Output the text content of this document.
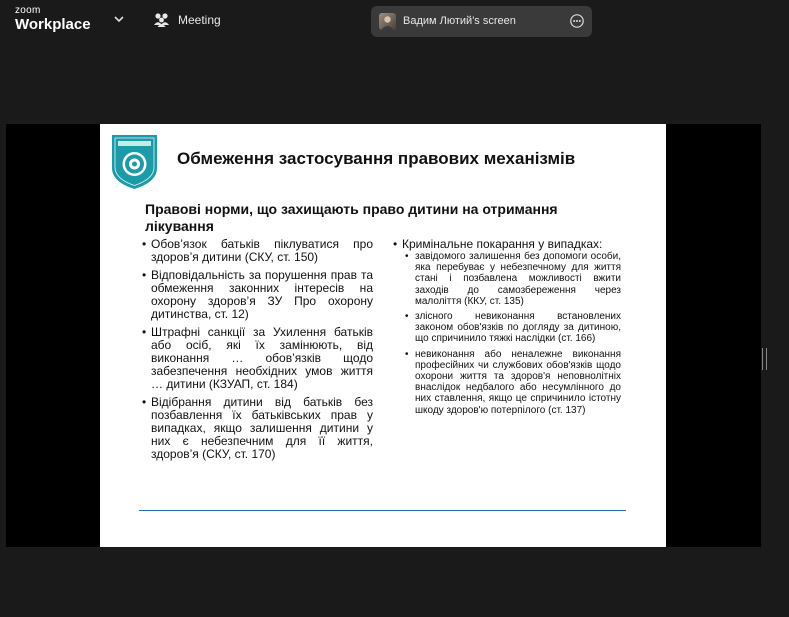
zoom
Workplace	Meeting	Вадим Лютий's screen
Обмеження застосування правових механізмів
Правові норми, що захищають право дитини на отримання лікування
• Обов’язок батьків піклуватися про здоров’я дитини (СКУ, ст. 150)
• Відповідальність за порушення прав та обмеження законних інтересів на охорону здоров’я ЗУ Про охорону дитинства, ст. 12)
• Штрафні санкції за Ухилення батьків або осіб, які їх замінюють, від виконання … обов’язків щодо забезпечення необхідних умов життя … дитини (КЗУАП, ст. 184)
• Відібрання дитини від батьків без позбавлення їх батьківських прав у випадках, якщо залишення дитини у них є небезпечним для її життя, здоров’я (СКУ, ст. 170)
• Кримінальне покарання у випадках:
• завідомого залишення без допомоги особи, яка перебуває у небезпечному для життя стані і позбавлена можливості вжити заходів до самозбереження через малоліття (ККУ, ст. 135)
• злісного невиконання встановлених законом обов'язків по догляду за дитиною, що спричинило тяжкі наслідки (ст. 166)
• невиконання або неналежне виконання професійних чи службових обов'язків щодо охорони життя та здоров'я неповнолітніх внаслідок недбалого або несумлінного до них ставлення, якщо це спричинило істотну шкоду здоров'ю потерпілого (ст. 137)
